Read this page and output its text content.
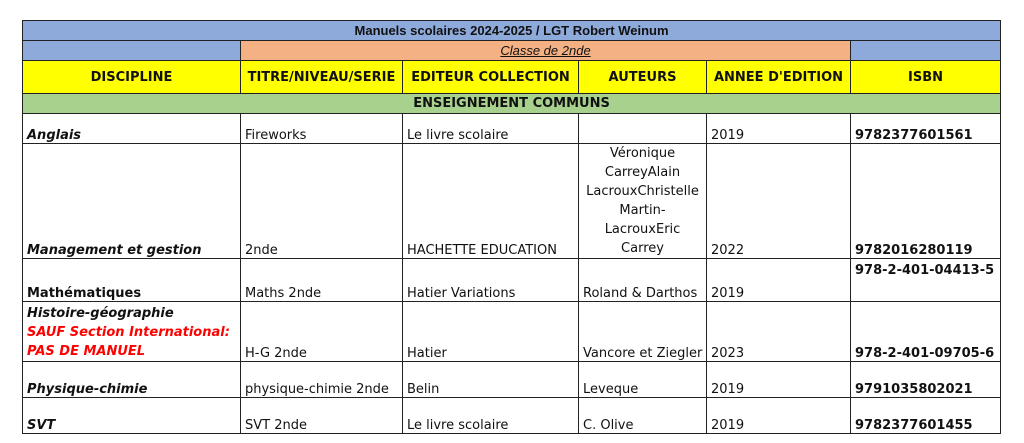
Manuels scolaires 2024-2025 / LGT Robert Weinum					
	Classe de 2nde				
DISCIPLINE	TITRE/NIVEAU/SERIE	EDITEUR COLLECTION	AUTEURS	ANNEE D'EDITION	ISBN
ENSEIGNEMENT COMMUNS					
Anglais	Fireworks	Le livre scolaire		2019	9782377601561
Management et gestion	2nde	HACHETTE EDUCATION	Véronique
CarreyAlain
LacrouxChristelle
Martin-LacrouxEric
Carrey	2022	9782016280119
Mathématiques	Maths 2nde	Hatier Variations	Roland & Darthos	2019	978-2-401-04413-5

Histoire-géographie
SAUF Section International:
PAS DE MANUEL	H-G 2nde	Hatier	Vancore et Ziegler	2023	978-2-401-09705-6
Physique-chimie	physique-chimie 2nde	Belin	Leveque	2019	9791035802021
SVT	SVT 2nde	Le livre scolaire	C. Olive	2019	9782377601455
